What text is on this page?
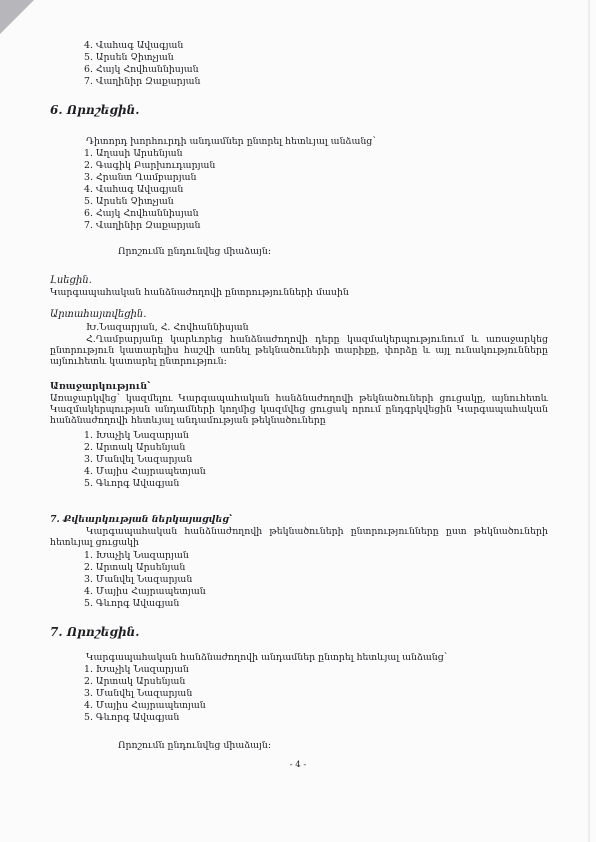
4. Վահագ Ավագյան
5. Արսեն Չիտչյան
6. Հայկ Հովհաննիսյան
7. Վաղինիր Զաքարյան
6. Որոշեցին.
Դիտորդ խորհուրդի անդամներ ընտրել հետևյալ անձանց՝
1. Աղասի Արսենյան
2. Գագիկ Բարխուդարյան
3. Հրանտ Ղամբարյան
4. Վահագ Ավագյան
5. Արսեն Չիտչյան
6. Հայկ Հովհաննիսյան
7. Վաղինիր Զաքարյան
Որոշումն ընդունվեց միաձայն:
Լսեցին.
Կարգապահական հանձնաժողովի ընտրությունների մասին
Արտահայտվեցին.
Խ.Նազարյան, Հ. Հովհաննիսյան
Հ.Ղամբարյանը կարևորեց հանձնաժողովի դերը կազմակերպությունում և առաջարկեց ընտրություն կատարելիս հաշվի առնել թեկնածուների տարիքը, փորձը և այլ ունակությունները այնուհետև կատարել ընտրություն:
Առաջարկություն՝
Առաջարկվեց՝ կազմելու Կարգապահական հանձնաժողովի թեկնածուների ցուցակը, այնուհետև Կազմակերպության անդամների կողմից կազմվեց ցուցակ որում ընդգրկվեցին Կարգապահական հանձնաժողովի հետևյալ անդամության թեկնածուները
1. Խաչիկ Նազարյան
2. Արտակ Արսենյան
3. Մանվել Նազարյան
4. Մայիս Հայրապետյան
5. Գևորգ Ավագյան
7. Քվեարկության ներկայացվեց՝
Կարգապահական հանձնաժողովի թեկնածուների ընտրությունները ըստ թեկնածուների հետևյալ ցուցակի
1. Խաչիկ Նազարյան
2. Արտակ Արսենյան
3. Մանվել Նազարյան
4. Մայիս Հայրապետյան
5. Գևորգ Ավագյան
7. Որոշեցին.
Կարգապահական հանձնաժողովի անդամներ ընտրել հետևյալ անձանց՝
1. Խաչիկ Նազարյան
2. Արտակ Արսենյան
3. Մանվել Նազարյան
4. Մայիս Հայրապետյան
5. Գևորգ Ավագյան
Որոշումն ընդունվեց միաձայն:
- 4 -
